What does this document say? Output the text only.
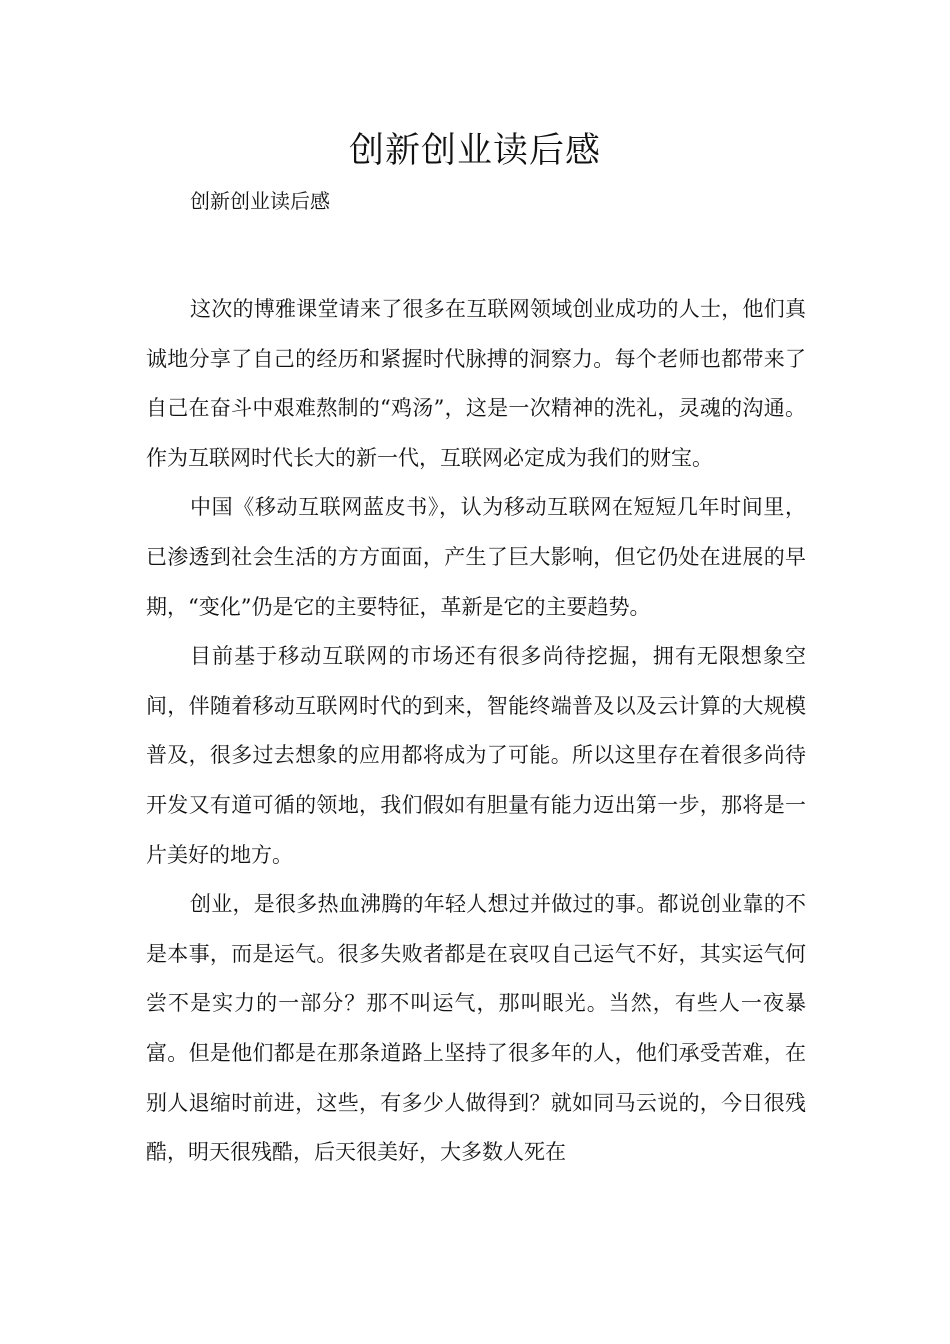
创新创业读后感

创新创业读后感

这次的博雅课堂请来了很多在互联网领域创业成功的人士，他们真诚地分享了自己的经历和紧握时代脉搏的洞察力。每个老师也都带来了自己在奋斗中艰难熬制的“鸡汤”，这是一次精神的洗礼，灵魂的沟通。作为互联网时代长大的新一代，互联网必定成为我们的财宝。

中国《移动互联网蓝皮书》，认为移动互联网在短短几年时间里，已渗透到社会生活的方方面面，产生了巨大影响，但它仍处在进展的早期，“变化”仍是它的主要特征，革新是它的主要趋势。

目前基于移动互联网的市场还有很多尚待挖掘，拥有无限想象空间，伴随着移动互联网时代的到来，智能终端普及以及云计算的大规模普及，很多过去想象的应用都将成为了可能。所以这里存在着很多尚待开发又有道可循的领地，我们假如有胆量有能力迈出第一步，那将是一片美好的地方。

创业，是很多热血沸腾的年轻人想过并做过的事。都说创业靠的不是本事，而是运气。很多失败者都是在哀叹自己运气不好，其实运气何尝不是实力的一部分？那不叫运气，那叫眼光。当然，有些人一夜暴富。但是他们都是在那条道路上坚持了很多年的人，他们承受苦难，在别人退缩时前进，这些，有多少人做得到？就如同马云说的，今日很残酷，明天很残酷，后天很美好，大多数人死在
